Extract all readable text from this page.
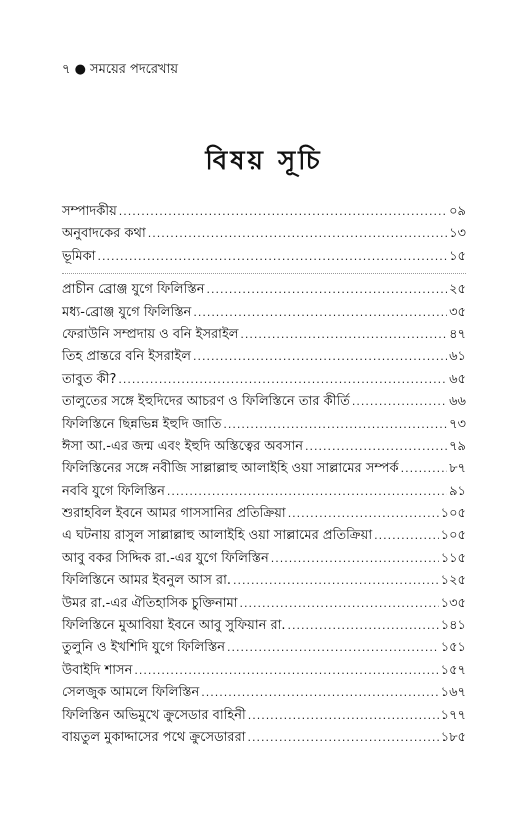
৭ ● সময়ের পদরেখায়
বিষয় সূচি
সম্পাদকীয় .....	০৯
অনুবাদকের কথা .....	১৩
ভূমিকা .....	১৫
প্রাচীন ব্রোঞ্জ যুগে ফিলিস্তিন .....	২৫
মধ্য-ব্রোঞ্জ যুগে ফিলিস্তিন .....	৩৫
ফেরাউনি সম্প্রদায় ও বনি ইসরাইল .....	৪৭
তিহ প্রান্তরে বনি ইসরাইল .....	৬১
তাবুত কী? .....	৬৫
তালুতের সঙ্গে ইহুদিদের আচরণ ও ফিলিস্তিনে তার কীর্তি .....	৬৬
ফিলিস্তিনে ছিন্নভিন্ন ইহুদি জাতি .....	৭৩
ঈসা আ.-এর জন্ম এবং ইহুদি অস্তিত্বের অবসান .....	৭৯
ফিলিস্তিনের সঙ্গে নবীজি সাল্লাল্লাহু আলাইহি ওয়া সাল্লামের সম্পর্ক .....	৮৭
নববি যুগে ফিলিস্তিন .....	৯১
শুরাহবিল ইবনে আমর গাসসানির প্রতিক্রিয়া .....	১০৫
এ ঘটনায় রাসুল সাল্লাল্লাহু আলাইহি ওয়া সাল্লামের প্রতিক্রিয়া .....	১০৫
আবু বকর সিদ্দিক রা.-এর যুগে ফিলিস্তিন .....	১১৫
ফিলিস্তিনে আমর ইবনুল আস রা. .....	১২৫
উমর রা.-এর ঐতিহাসিক চুক্তিনামা .....	১৩৫
ফিলিস্তিনে মুআবিয়া ইবনে আবু সুফিয়ান রা. .....	১৪১
তুলুনি ও ইখশিদি যুগে ফিলিস্তিন .....	১৫১
উবাইদি শাসন .....	১৫৭
সেলজুক আমলে ফিলিস্তিন .....	১৬৭
ফিলিস্তিন অভিমুখে ক্রুসেডার বাহিনী .....	১৭৭
বায়তুল মুকাদ্দাসের পথে ক্রুসেডাররা .....	১৮৫
